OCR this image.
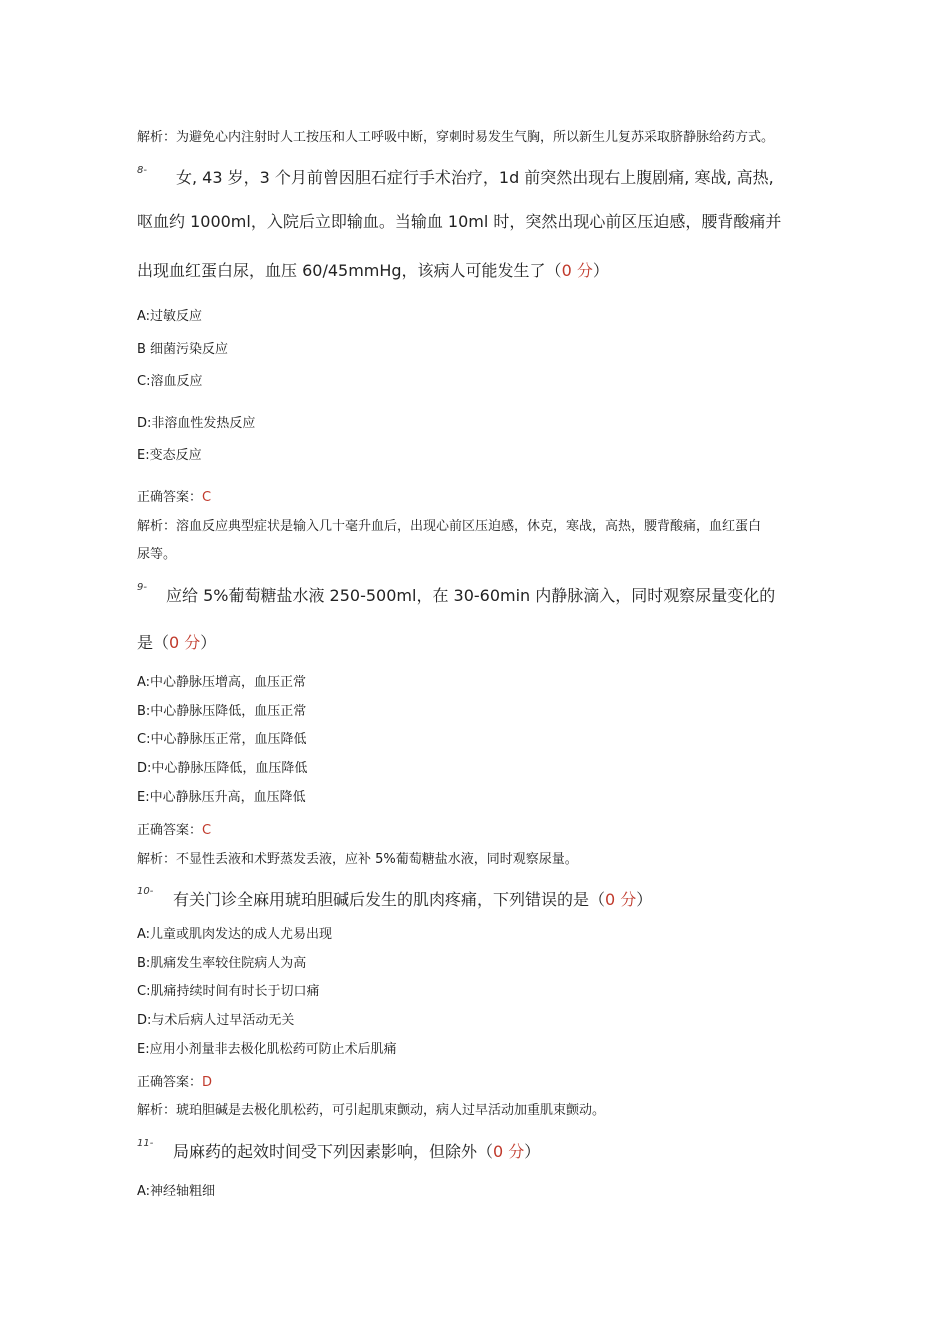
解析：为避免心内注射时人工按压和人工呼吸中断，穿刺时易发生气胸，所以新生儿复苏采取脐静脉给药方式。
8- 女, 43 岁，3 个月前曾因胆石症行手术治疗，1d 前突然出现右上腹剧痛, 寒战, 高热,
呕血约 1000ml，入院后立即输血。当输血 10ml 时，突然出现心前区压迫感，腰背酸痛并
出现血红蛋白尿，血压 60/45mmHg，该病人可能发生了（0 分）
A:过敏反应
B 细菌污染反应
C:溶血反应
D:非溶血性发热反应
E:变态反应
正确答案：C
解析：溶血反应典型症状是输入几十毫升血后，出现心前区压迫感，休克，寒战，高热，腰背酸痛，血红蛋白
尿等。
9- 应给 5%葡萄糖盐水液 250-500ml，在 30-60min 内静脉滴入，同时观察尿量变化的
是（0 分）
A:中心静脉压增高，血压正常
B:中心静脉压降低，血压正常
C:中心静脉压正常，血压降低
D:中心静脉压降低，血压降低
E:中心静脉压升高，血压降低
正确答案：C
解析：不显性丢液和术野蒸发丢液，应补 5%葡萄糖盐水液，同时观察尿量。
10- 有关门诊全麻用琥珀胆碱后发生的肌肉疼痛，下列错误的是（0 分）
A:儿童或肌肉发达的成人尤易出现
B:肌痛发生率较住院病人为高
C:肌痛持续时间有时长于切口痛
D:与术后病人过早活动无关
E:应用小剂量非去极化肌松药可防止术后肌痛
正确答案：D
解析：琥珀胆碱是去极化肌松药，可引起肌束颤动，病人过早活动加重肌束颤动。
11- 局麻药的起效时间受下列因素影响，但除外（0 分）
A:神经轴粗细
